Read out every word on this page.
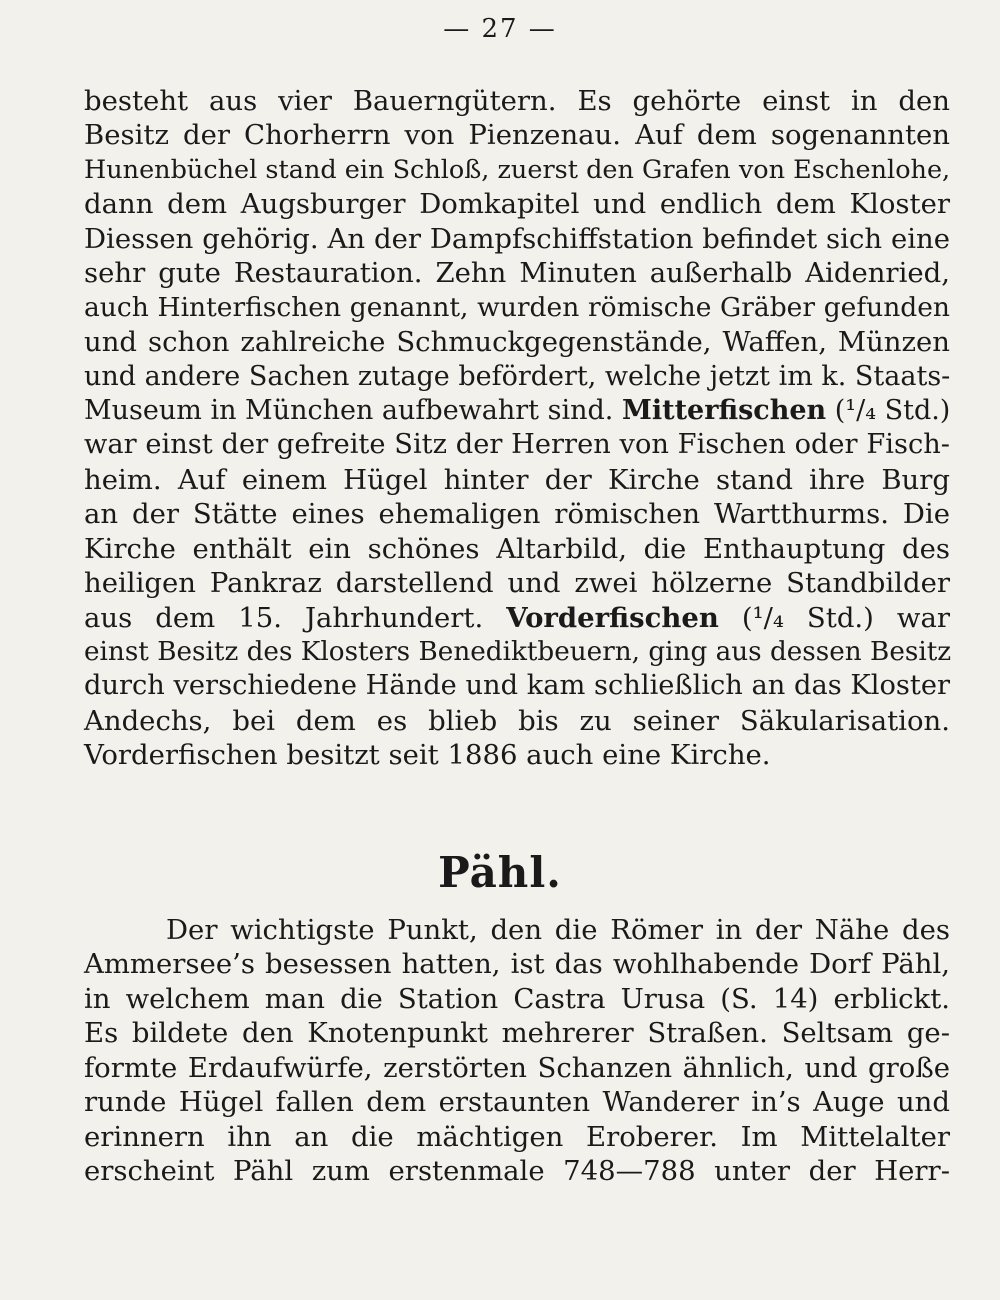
— 27 —
besteht aus vier Bauerngütern. Es gehörte einst in den
Besitz der Chorherrn von Pienzenau. Auf dem sogenannten
Hunenbüchel stand ein Schloß, zuerst den Grafen von Eschenlohe,
dann dem Augsburger Domkapitel und endlich dem Kloster
Diessen gehörig. An der Dampfschiffstation befindet sich eine
sehr gute Restauration. Zehn Minuten außerhalb Aidenried,
auch Hinterfischen genannt, wurden römische Gräber gefunden
und schon zahlreiche Schmuckgegenstände, Waffen, Münzen
und andere Sachen zutage befördert, welche jetzt im k. Staats-
Museum in München aufbewahrt sind. Mitterfischen (¹/₄ Std.)
war einst der gefreite Sitz der Herren von Fischen oder Fisch-
heim. Auf einem Hügel hinter der Kirche stand ihre Burg
an der Stätte eines ehemaligen römischen Wartthurms. Die
Kirche enthält ein schönes Altarbild, die Enthauptung des
heiligen Pankraz darstellend und zwei hölzerne Standbilder
aus dem 15. Jahrhundert. Vorderfischen (¹/₄ Std.) war
einst Besitz des Klosters Benediktbeuern, ging aus dessen Besitz
durch verschiedene Hände und kam schließlich an das Kloster
Andechs, bei dem es blieb bis zu seiner Säkularisation.
Vorderfischen besitzt seit 1886 auch eine Kirche.
Pähl.
Der wichtigste Punkt, den die Römer in der Nähe des
Ammersee’s besessen hatten, ist das wohlhabende Dorf Pähl,
in welchem man die Station Castra Urusa (S. 14) erblickt.
Es bildete den Knotenpunkt mehrerer Straßen. Seltsam ge-
formte Erdaufwürfe, zerstörten Schanzen ähnlich, und große
runde Hügel fallen dem erstaunten Wanderer in’s Auge und
erinnern ihn an die mächtigen Eroberer. Im Mittelalter
erscheint Pähl zum erstenmale 748—788 unter der Herr-
